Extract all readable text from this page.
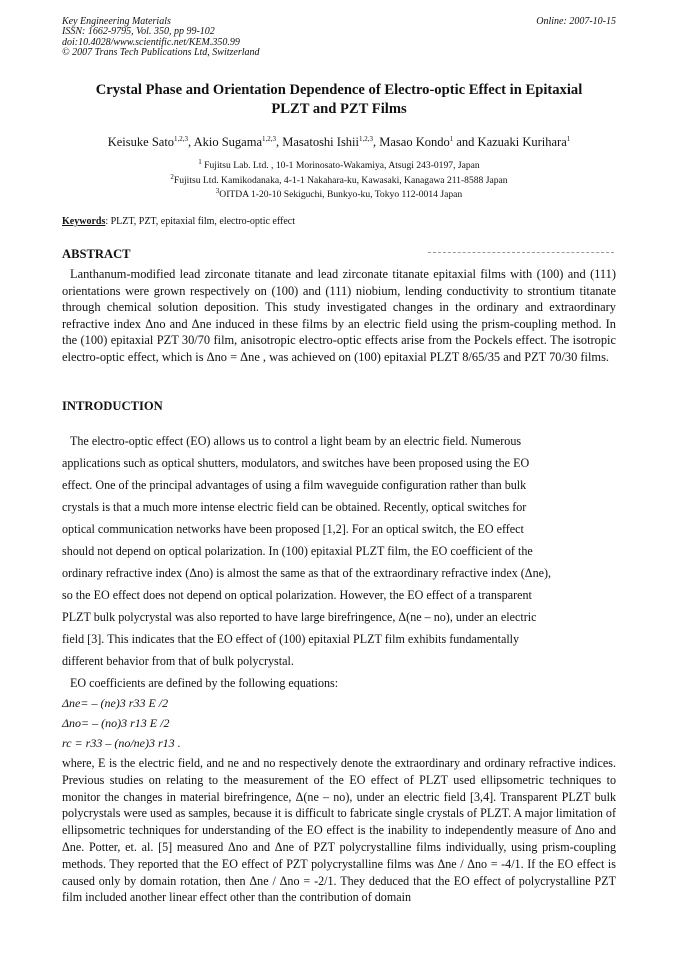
Key Engineering Materials
ISSN: 1662-9795, Vol. 350, pp 99-102
doi:10.4028/www.scientific.net/KEM.350.99
© 2007 Trans Tech Publications Ltd, Switzerland
Online: 2007-10-15
Crystal Phase and Orientation Dependence of Electro-optic Effect in Epitaxial
PLZT and PZT Films
Keisuke Sato$^{1,2,3}$, Akio Sugama$^{1,2,3}$, Masatoshi Ishii$^{1,2,3}$, Masao Kondo$^1$ and Kazuaki Kurihara$^1$
$^1$ Fujitsu Lab. Ltd. , 10-1 Morinosato-Wakamiya, Atsugi 243-0197, Japan
$^2$Fujitsu Ltd. Kamikodanaka, 4-1-1 Nakahara-ku, Kawasaki, Kanagawa 211-8588 Japan
$^3$OITDA 1-20-10 Sekiguchi, Bunkyo-ku, Tokyo 112-0014 Japan
Keywords: PLZT, PZT, epitaxial film, electro-optic effect
ABSTRACT
Lanthanum-modified lead zirconate titanate and lead zirconate titanate epitaxial films with (100) and (111) orientations were grown respectively on (100) and (111) niobium, lending conductivity to strontium titanate through chemical solution deposition. This study investigated changes in the ordinary and extraordinary refractive index Δno and Δne induced in these films by an electric field using the prism-coupling method. In the (100) epitaxial PZT 30/70 film, anisotropic electro-optic effects arise from the Pockels effect. The isotropic electro-optic effect, which is Δno = Δne , was achieved on (100) epitaxial PLZT 8/65/35 and PZT 70/30 films.
INTRODUCTION
The electro-optic effect (EO) allows us to control a light beam by an electric field. Numerous
applications such as optical shutters, modulators, and switches have been proposed using the EO
effect. One of the principal advantages of using a film waveguide configuration rather than bulk
crystals is that a much more intense electric field can be obtained. Recently, optical switches for
optical communication networks have been proposed [1,2]. For an optical switch, the EO effect
should not depend on optical polarization. In (100) epitaxial PLZT film, the EO coefficient of the
ordinary refractive index (Δno) is almost the same as that of the extraordinary refractive index (Δne),
so the EO effect does not depend on optical polarization. However, the EO effect of a transparent
PLZT bulk polycrystal was also reported to have large birefringence, Δ(ne – no), under an electric
field [3]. This indicates that the EO effect of (100) epitaxial PLZT film exhibits fundamentally
different behavior from that of bulk polycrystal.
EO coefficients are defined by the following equations:
Δne= – (ne)3 r33 E /2
Δno= – (no)3 r13 E /2
rc = r33 – (no/ne)3 r13 .
where, E is the electric field, and ne and no respectively denote the extraordinary and ordinary refractive indices. Previous studies on relating to the measurement of the EO effect of PLZT used ellipsometric techniques to monitor the changes in material birefringence, Δ(ne – no), under an electric field [3,4]. Transparent PLZT bulk polycrystals were used as samples, because it is difficult to fabricate single crystals of PLZT. A major limitation of ellipsometric techniques for understanding of the EO effect is the inability to independently measure of Δno and Δne. Potter, et. al. [5] measured Δno and Δne of PZT polycrystalline films individually, using prism-coupling methods. They reported that the EO effect of PZT polycrystalline films was Δne / Δno = -4/1. If the EO effect is caused only by domain rotation, then Δne / Δno = -2/1. They deduced that the EO effect of polycrystalline PZT film included another linear effect other than the contribution of domain
